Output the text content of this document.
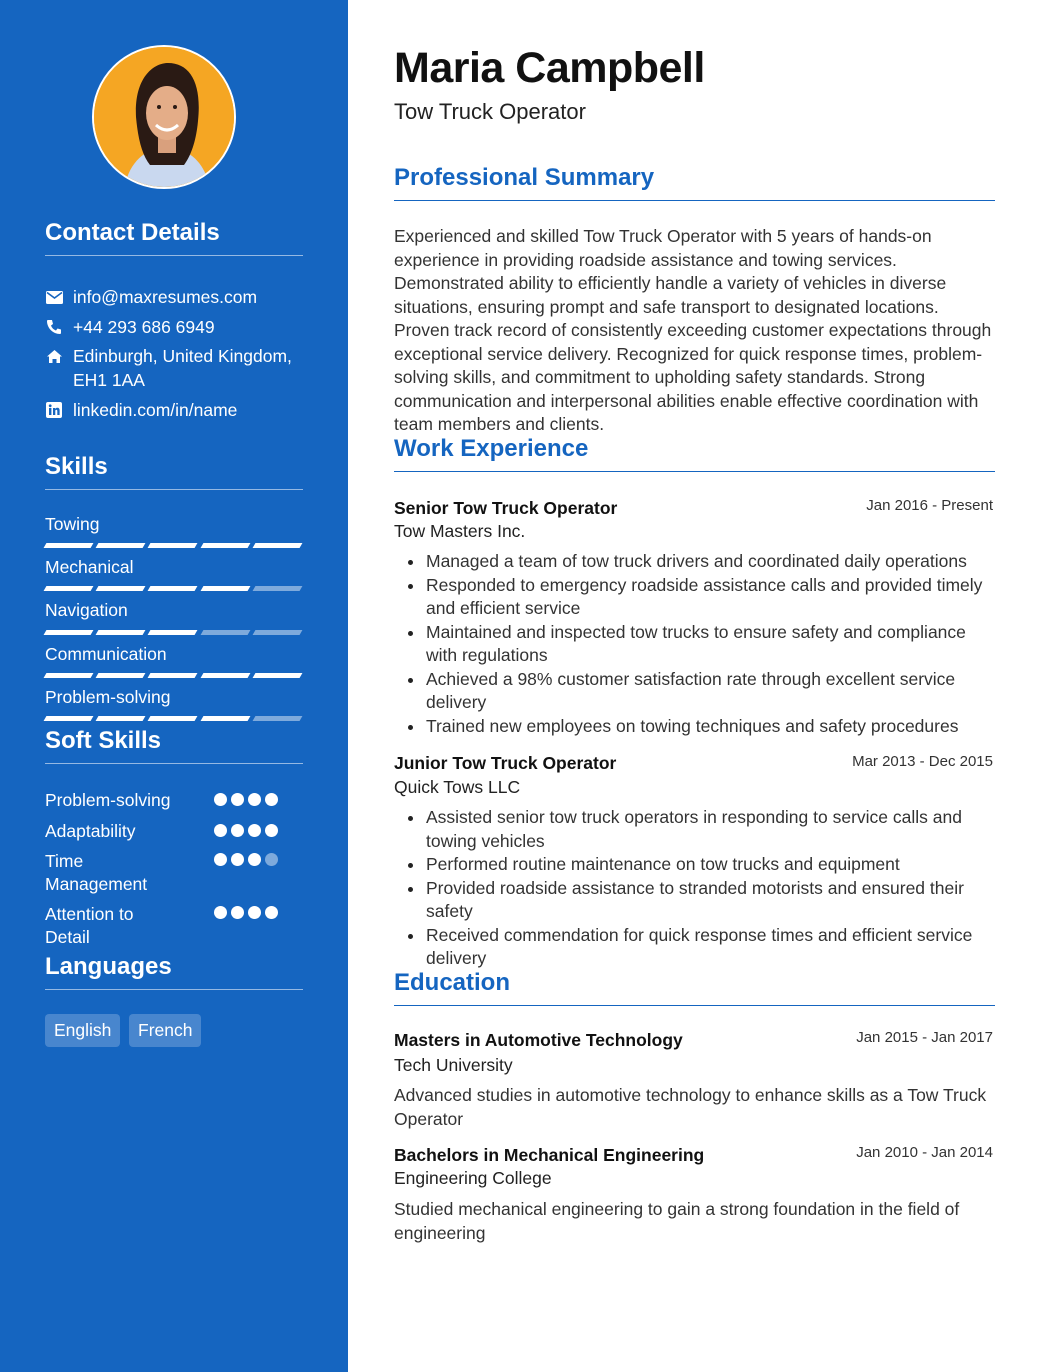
Contact Details
info@maxresumes.com
+44 293 686 6949
Edinburgh, United Kingdom, EH1 1AA
linkedin.com/in/name
Skills
Towing
Mechanical
Navigation
Communication
Problem-solving
Soft Skills
Problem-solving
Adaptability
Time Management
Attention to Detail
Languages
English	French
Maria Campbell
Tow Truck Operator
Professional Summary
Experienced and skilled Tow Truck Operator with 5 years of hands-on experience in providing roadside assistance and towing services. Demonstrated ability to efficiently handle a variety of vehicles in diverse situations, ensuring prompt and safe transport to designated locations. Proven track record of consistently exceeding customer expectations through exceptional service delivery. Recognized for quick response times, problem-solving skills, and commitment to upholding safety standards. Strong communication and interpersonal abilities enable effective coordination with team members and clients.
Work Experience
Senior Tow Truck Operator	Jan 2016 - Present
Tow Masters Inc.
Managed a team of tow truck drivers and coordinated daily operations
Responded to emergency roadside assistance calls and provided timely and efficient service
Maintained and inspected tow trucks to ensure safety and compliance with regulations
Achieved a 98% customer satisfaction rate through excellent service delivery
Trained new employees on towing techniques and safety procedures
Junior Tow Truck Operator	Mar 2013 - Dec 2015
Quick Tows LLC
Assisted senior tow truck operators in responding to service calls and towing vehicles
Performed routine maintenance on tow trucks and equipment
Provided roadside assistance to stranded motorists and ensured their safety
Received commendation for quick response times and efficient service delivery
Education
Masters in Automotive Technology	Jan 2015 - Jan 2017
Tech University
Advanced studies in automotive technology to enhance skills as a Tow Truck Operator
Bachelors in Mechanical Engineering	Jan 2010 - Jan 2014
Engineering College
Studied mechanical engineering to gain a strong foundation in the field of engineering
